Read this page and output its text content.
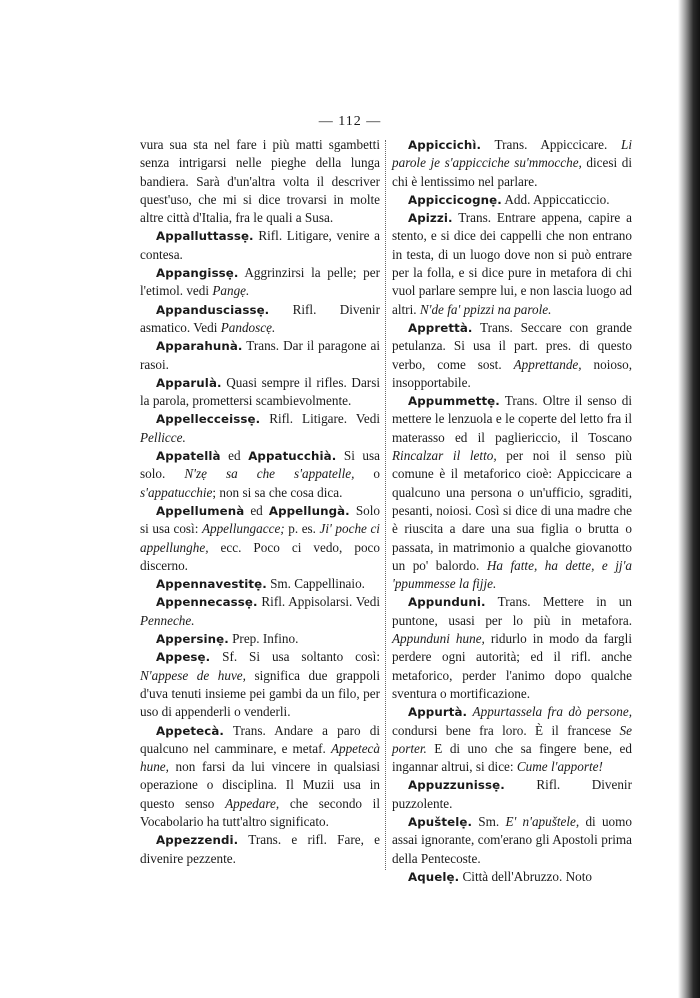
— 112 —

vura sua sta nel fare i più matti sgambetti senza intrigarsi nelle pieghe della lunga bandiera. Sarà d'un'altra volta il descriver quest'uso, che mi si dice trovarsi in molte altre città d'Italia, fra le quali a Susa.

Appalluttassẹ. Rifl. Litigare, venire a contesa.

Appangissẹ. Aggrinzirsi la pelle; per l'etimol. vedi Pangẹ.

Appandusciassẹ. Rifl. Divenir asmatico. Vedi Pandoscẹ.

Apparahunà. Trans. Dar il paragone ai rasoi.

Apparulà. Quasi sempre il rifles. Darsi la parola, promettersi scambievolmente.

Appellecceissẹ. Rifl. Litigare. Vedi Pellicce.

Appatellà ed Appatucchià. Si usa solo. N'zẹ sa che s'appatelle, o s'appatucchie; non si sa che cosa dica.

Appellumenà ed Appellungà. Solo si usa così: Appellungacce; p. es. Ji' poche ci appellunghe, ecc. Poco ci vedo, poco discerno.

Appennavestitẹ. Sm. Cappellinaio.

Appennecassẹ. Rifl. Appisolarsi. Vedi Penneche.

Appersinẹ. Prep. Infino.

Appesẹ. Sf. Si usa soltanto così: N'appese de huve, significa due grappoli d'uva tenuti insieme pei gambi da un filo, per uso di appenderli o venderli.

Appetecà. Trans. Andare a paro di qualcuno nel camminare, e metaf. Appetecà hune, non farsi da lui vincere in qualsiasi operazione o disciplina. Il Muzii usa in questo senso Appedare, che secondo il Vocabolario ha tutt'altro significato.

Appezzendi. Trans. e rifl. Fare, e divenire pezzente.

Appiccichì. Trans. Appiccicare. Li parole je s'appicciche su'mmocche, dicesi di chi è lentissimo nel parlare.

Appiccicognẹ. Add. Appiccaticcio.

Apizzi. Trans. Entrare appena, capire a stento, e si dice dei cappelli che non entrano in testa, di un luogo dove non si può entrare per la folla, e si dice pure in metafora di chi vuol parlare sempre lui, e non lascia luogo ad altri. N'de fa' ppizzi na parole.

Apprettà. Trans. Seccare con grande petulanza. Si usa il part. pres. di questo verbo, come sost. Apprettande, noioso, insopportabile.

Appummettẹ. Trans. Oltre il senso di mettere le lenzuola e le coperte del letto fra il materasso ed il pagliericcio, il Toscano Rincalzar il letto, per noi il senso più comune è il metaforico cioè: Appiccicare a qualcuno una persona o un'ufficio, sgraditi, pesanti, noiosi. Così si dice di una madre che è riuscita a dare una sua figlia o brutta o passata, in matrimonio a qualche giovanotto un po' balordo. Ha fatte, ha dette, e jj'a 'ppummesse la fijje.

Appunduni. Trans. Mettere in un puntone, usasi per lo più in metafora. Appunduni hune, ridurlo in modo da fargli perdere ogni autorità; ed il rifl. anche metaforico, perder l'animo dopo qualche sventura o mortificazione.

Appurtà. Appurtassela fra dò persone, condursi bene fra loro. È il francese Se porter. E di uno che sa fingere bene, ed ingannar altrui, si dice: Cume l'apporte!

Appuzzunissẹ. Rifl. Divenir puzzolente.

Apuštelẹ. Sm. E' n'apuštele, di uomo assai ignorante, com'erano gli Apostoli prima della Pentecoste.

Aquelẹ. Città dell'Abruzzo. Noto
